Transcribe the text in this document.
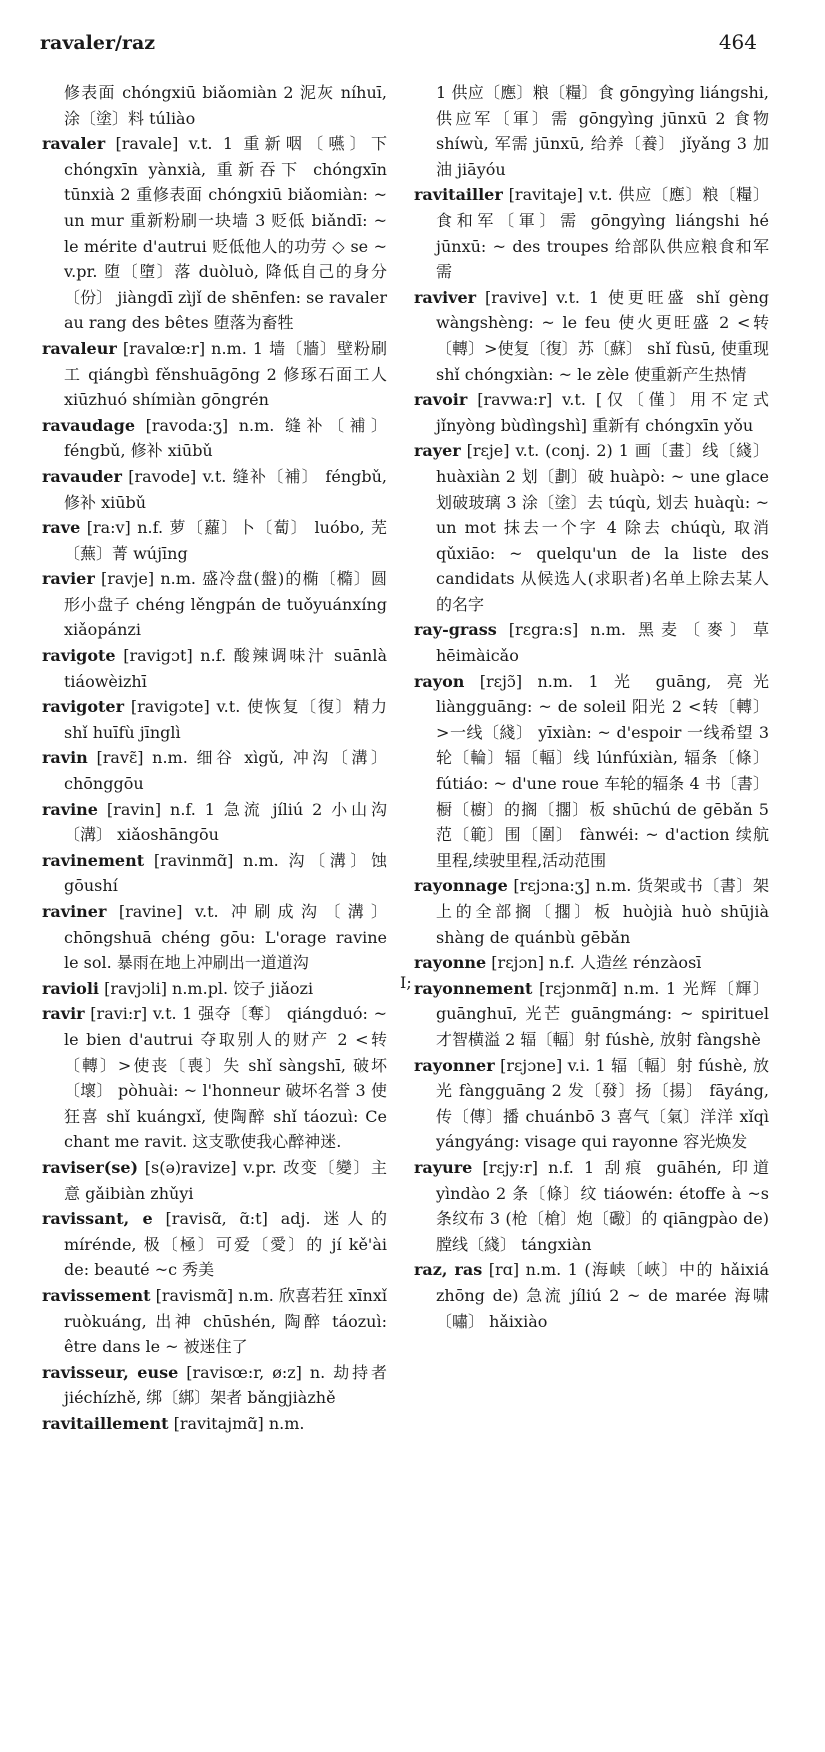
ravaler/raz	464

修表面 chóngxiū biǎomiàn 2 泥灰 níhuī, 涂〔塗〕料 túliào

ravaler [ravale] v.t. 1 重新咽〔嚥〕下 chóngxīn yànxià, 重新吞下 chóngxīn tūnxià 2 重修表面 chóngxiū biǎomiàn: ~ un mur 重新粉刷一块墙 3 贬低 biǎndī: ~ le mérite d'autrui 贬低他人的功劳 ◇ se ~ v.pr. 堕〔墮〕落 duòluò, 降低自己的身分〔份〕 jiàngdī zìjǐ de shēnfen: se ravaler au rang des bêtes 堕落为畜牲

ravaleur [ravalœ:r] n.m. 1 墙〔牆〕壁粉刷工 qiángbì fěnshuāgōng 2 修琢石面工人 xiūzhuó shímiàn gōngrén

ravaudage [ravoda:ʒ] n.m. 缝补〔補〕 féngbǔ, 修补 xiūbǔ

ravauder [ravode] v.t. 缝补〔補〕 féngbǔ, 修补 xiūbǔ

rave [ra:v] n.f. 萝〔蘿〕卜〔蔔〕 luóbo, 芜〔蕪〕菁 wújīng

ravier [ravje] n.m. 盛冷盘(盤)的椭〔橢〕圆形小盘子 chéng lěngpán de tuǒyuánxíng xiǎopánzi

ravigote [ravigɔt] n.f. 酸辣调味汁 suānlà tiáowèizhī

ravigoter [ravigɔte] v.t. 使恢复〔復〕精力 shǐ huīfù jīnglì

ravin [ravɛ̃] n.m. 细谷 xìgǔ, 冲沟〔溝〕 chōnggōu

ravine [ravin] n.f. 1 急流 jíliú 2 小山沟〔溝〕 xiǎoshāngōu

ravinement [ravinmɑ̃] n.m. 沟〔溝〕蚀 gōushí

raviner [ravine] v.t. 冲刷成沟〔溝〕 chōngshuā chéng gōu: L'orage ravine le sol. 暴雨在地上冲刷出一道道沟

ravioli [ravjɔli] n.m.pl. 饺子 jiǎozi

ravir [ravi:r] v.t. 1 强夺〔奪〕 qiángduó: ~ le bien d'autrui 夺取别人的财产 2 <转〔轉〕>使丧〔喪〕失 shǐ sàngshī, 破坏〔壞〕 pòhuài: ~ l'honneur 破坏名誉 3 使狂喜 shǐ kuángxǐ, 使陶醉 shǐ táozuì: Ce chant me ravit. 这支歌使我心醉神迷.

raviser(se) [s(ə)ravize] v.pr. 改变〔變〕主意 gǎibiàn zhǔyi

ravissant, e [ravisɑ̃, ɑ̃:t] adj. 迷人的 mírénde, 极〔極〕可爱〔愛〕的 jí kě'ài de: beauté ~c 秀美

ravissement [ravismɑ̃] n.m. 欣喜若狂 xīnxǐ ruòkuáng, 出神 chūshén, 陶醉 táozuì: être dans le ~ 被迷住了

ravisseur, euse [ravisœ:r, ø:z] n. 劫持者 jiéchízhě, 绑〔綁〕架者 bǎngjiàzhě

ravitaillement [ravitajmɑ̃] n.m.

I;

1 供应〔應〕粮〔糧〕食 gōngyìng liángshi, 供应军〔軍〕需 gōngyìng jūnxū 2 食物 shíwù, 军需 jūnxū, 给养〔養〕 jǐyǎng 3 加油 jiāyóu

ravitailler [ravitaje] v.t. 供应〔應〕粮〔糧〕食和军〔軍〕需 gōngyìng liángshi hé jūnxū: ~ des troupes 给部队供应粮食和军需

raviver [ravive] v.t. 1 使更旺盛 shǐ gèng wàngshèng: ~ le feu 使火更旺盛 2 <转〔轉〕>使复〔復〕苏〔蘇〕 shǐ fùsū, 使重现 shǐ chóngxiàn: ~ le zèle 使重新产生热情

ravoir [ravwa:r] v.t. [仅〔僅〕用不定式 jǐnyòng bùdìngshì] 重新有 chóngxīn yǒu

rayer [rɛje] v.t. (conj. 2) 1 画〔畫〕线〔綫〕 huàxiàn 2 划〔劃〕破 huàpò: ~ une glace 划破玻璃 3 涂〔塗〕去 túqù, 划去 huàqù: ~ un mot 抹去一个字 4 除去 chúqù, 取消 qǔxiāo: ~ quelqu'un de la liste des candidats 从候选人(求职者)名单上除去某人的名字

ray-grass [rɛgra:s] n.m. 黑麦〔麥〕草 hēimàicǎo

rayon [rɛjɔ̃] n.m. 1 光 guāng, 亮光 liàngguāng: ~ de soleil 阳光 2 <转〔轉〕>一线〔綫〕 yīxiàn: ~ d'espoir 一线希望 3 轮〔輪〕辐〔輻〕线 lúnfúxiàn, 辐条〔條〕 fútiáo: ~ d'une roue 车轮的辐条 4 书〔書〕橱〔櫥〕的搁〔擱〕板 shūchú de gēbǎn 5 范〔範〕围〔圍〕 fànwéi: ~ d'action 续航里程,续驶里程,活动范围

rayonnage [rɛjɔna:ʒ] n.m. 货架或书〔書〕架上的全部搁〔擱〕板 huòjià huò shūjià shàng de quánbù gēbǎn

rayonne [rɛjɔn] n.f. 人造丝 rénzàosī

rayonnement [rɛjɔnmɑ̃] n.m. 1 光辉〔輝〕 guānghuī, 光芒 guāngmáng: ~ spirituel 才智横溢 2 辐〔輻〕射 fúshè, 放射 fàngshè

rayonner [rɛjɔne] v.i. 1 辐〔輻〕射 fúshè, 放光 fàngguāng 2 发〔發〕扬〔揚〕 fāyáng, 传〔傳〕播 chuánbō 3 喜气〔氣〕洋洋 xǐqì yángyáng: visage qui rayonne 容光焕发

rayure [rɛjy:r] n.f. 1 刮痕 guāhén, 印道 yìndào 2 条〔條〕纹 tiáowén: étoffe à ~s 条纹布 3 (枪〔槍〕炮〔礮〕的 qiāngpào de) 膛线〔綫〕 tángxiàn

raz, ras [rɑ] n.m. 1 (海峡〔峽〕中的 hǎixiá zhōng de) 急流 jíliú 2 ~ de marée 海啸〔嘯〕 hǎixiào
